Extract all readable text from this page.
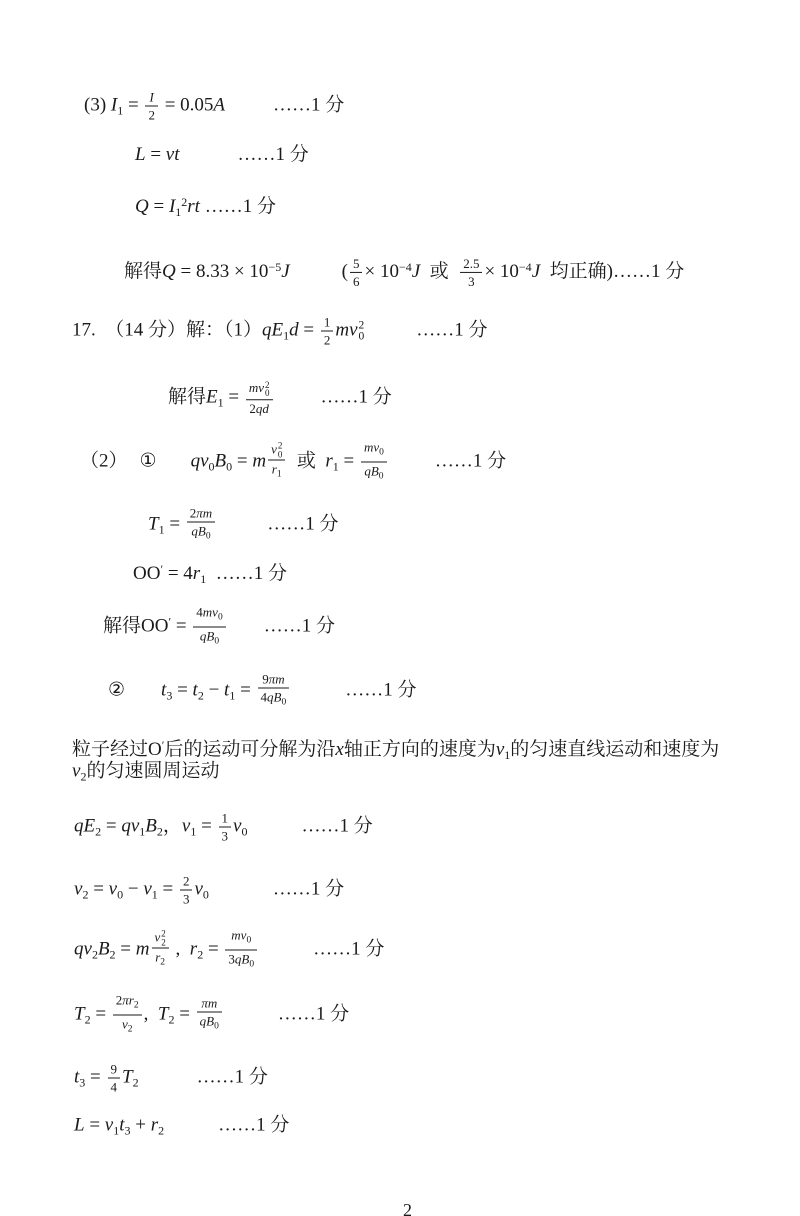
2
(3) $I_1 = \frac{I}{2} = 0.05A$	……1 分
L = vt	……1 分
$Q = I_1^2rt$ ……1 分
解得$Q = 8.33 \times 10^{-5}J$	( $\frac{5}{6} \times 10^{-4}J$  或 $\frac{2.5}{3} \times 10^{-4}J$  均正确)……1 分
17.  （14 分）解：$(1)qE_1d = \frac{1}{2}$ mv 2
0	……1 分
解得$E_1$ = mv 2
0
2qd	……1 分
（2） ① $qv_0B_0 = m$ v 2
0
$r_1$ 或  $r_1 = \frac{mv_0}{qB_0}$	……1 分
$T_1 = \frac{2\pi m}{qB_0}$	……1 分
$OO' = 4r_1$  ……1 分
解得$OO' = \frac{4mv_0}{qB_0}$ ……1 分
② $t_3 = t_2 - t_1 = \frac{9\pi m}{4qB_0}$	……1 分
粒子经过O′后的运动可分解为沿x轴正方向的速度为$v_1$的匀速直线运动和速度为
$v_2$的匀速圆周运动
$qE_2 = qv_1B_2$，$v_1 = \frac{1}{3} v_0$	……1 分
$v_2 = v_0 - v_1 = \frac{2}{3} v_0$	……1 分
$qv_2B_2 = m$ v 2
2
$r_2$ ,  $r_2 = \frac{mv_0}{3qB_0}$	……1 分
$T_2 = \frac{2\pi r_2}{v_2}$ ,  $T_2 = \frac{\pi m}{qB_0}$	……1 分
$t_3 = \frac{9}{4} T_2$	……1 分
$L = v_1t_3 + r_2$	……1 分
